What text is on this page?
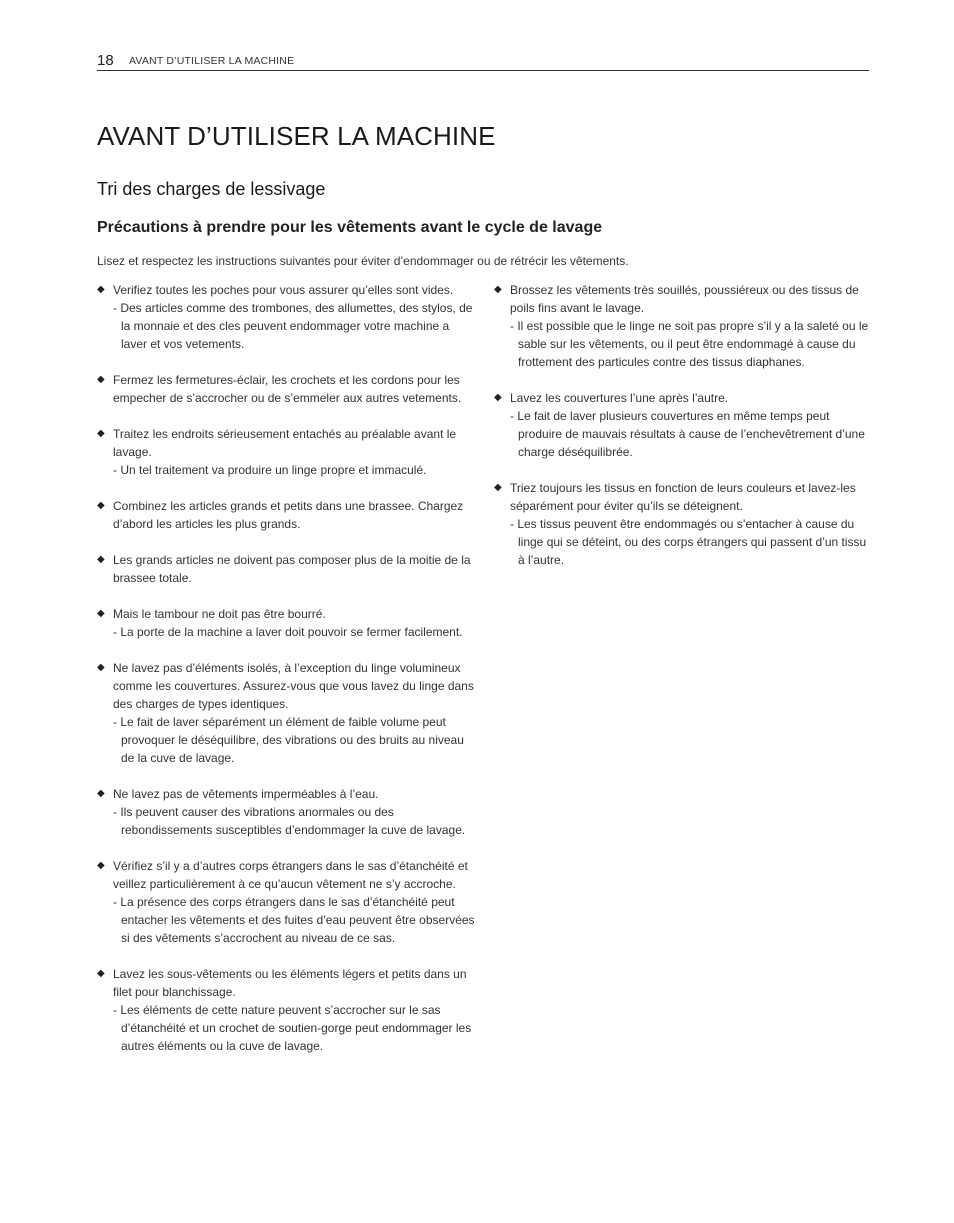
18 AVANT D’UTILISER LA MACHINE
AVANT D’UTILISER LA MACHINE
Tri des charges de lessivage
Précautions à prendre pour les vêtements avant le cycle de lavage

Lisez et respectez les instructions suivantes pour éviter d’endommager ou de rétrécir les vêtements.

◆ Verifiez toutes les poches pour vous assurer qu’elles sont vides.
- Des articles comme des trombones, des allumettes, des stylos, de la monnaie et des cles peuvent endommager votre machine a laver et vos vetements.
◆ Fermez les fermetures-éclair, les crochets et les cordons pour les empecher de s’accrocher ou de s’emmeler aux autres vetements.
◆ Traitez les endroits sérieusement entachés au préalable avant le lavage.
- Un tel traitement va produire un linge propre et immaculé.
◆ Combinez les articles grands et petits dans une brassee. Chargez d’abord les articles les plus grands.
◆ Les grands articles ne doivent pas composer plus de la moitie de la brassee totale.
◆ Mais le tambour ne doit pas être bourré.
- La porte de la machine a laver doit pouvoir se fermer facilement.
◆ Ne lavez pas d’éléments isolés, à l’exception du linge volumineux comme les couvertures. Assurez-vous que vous lavez du linge dans des charges de types identiques.
- Le fait de laver séparément un élément de faible volume peut provoquer le déséquilibre, des vibrations ou des bruits au niveau de la cuve de lavage.
◆ Ne lavez pas de vêtements imperméables à l’eau.
- Ils peuvent causer des vibrations anormales ou des rebondissements susceptibles d’endommager la cuve de lavage.
◆ Vérifiez s’il y a d’autres corps étrangers dans le sas d’étanchéité et veillez particulièrement à ce qu’aucun vêtement ne s’y accroche.
- La présence des corps étrangers dans le sas d’étanchéité peut entacher les vêtements et des fuites d’eau peuvent être observées si des vêtements s’accrochent au niveau de ce sas.
◆ Lavez les sous-vêtements ou les éléments légers et petits dans un filet pour blanchissage.
- Les éléments de cette nature peuvent s’accrocher sur le sas d’étanchéité et un crochet de soutien-gorge peut endommager les autres éléments ou la cuve de lavage.
◆ Brossez les vêtements très souillés, poussiéreux ou des tissus de poils fins avant le lavage.
- Il est possible que le linge ne soit pas propre s’il y a la saleté ou le sable sur les vêtements, ou il peut être endommagé à cause du frottement des particules contre des tissus diaphanes.
◆ Lavez les couvertures l’une après l’autre.
- Le fait de laver plusieurs couvertures en même temps peut produire de mauvais résultats à cause de l’enchevêtrement d’une charge déséquilibrée.
◆ Triez toujours les tissus en fonction de leurs couleurs et lavez-les séparément pour éviter qu’ils se déteignent.
- Les tissus peuvent être endommagés ou s’entacher à cause du linge qui se déteint, ou des corps étrangers qui passent d’un tissu à l’autre.
